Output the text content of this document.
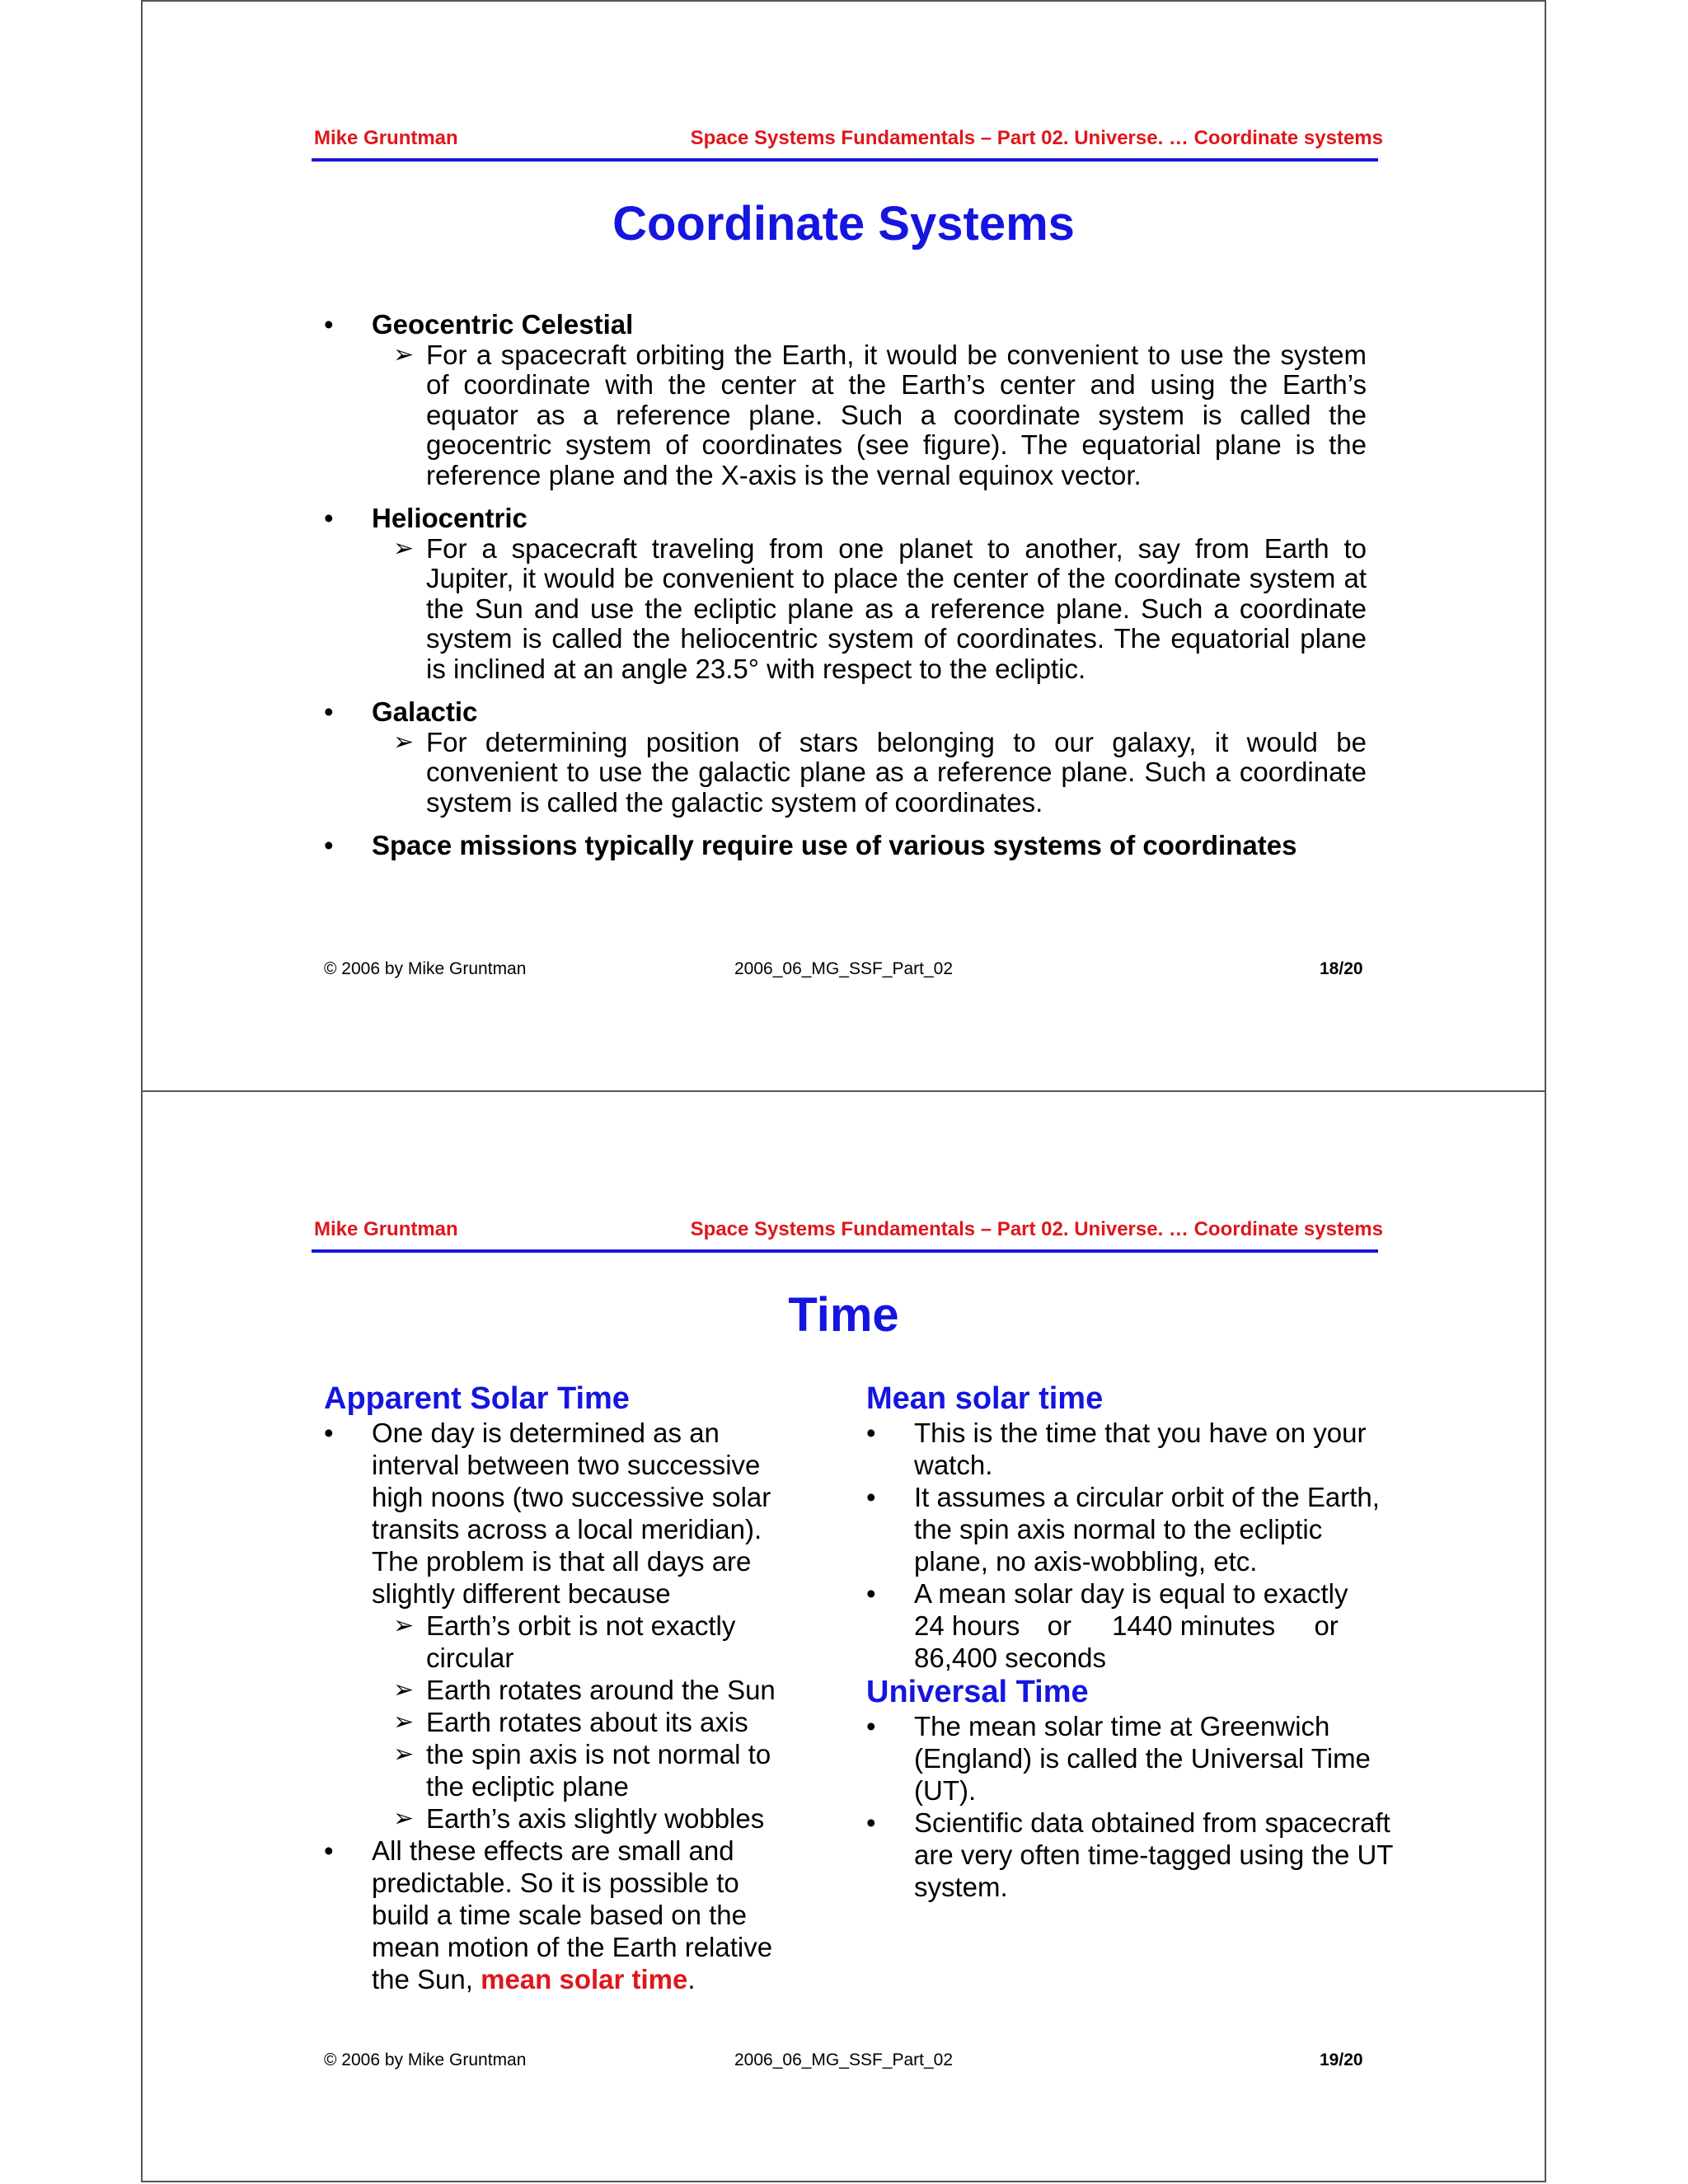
Mike Gruntman	Space Systems Fundamentals – Part 02. Universe. … Coordinate systems
Coordinate Systems
• Geocentric Celestial
➢ For a spacecraft orbiting the Earth, it would be convenient to use the system of coordinate with the center at the Earth’s center and using the Earth’s equator as a reference plane. Such a coordinate system is called the geocentric system of coordinates (see figure). The equatorial plane is the reference plane and the X-axis is the vernal equinox vector.
• Heliocentric
➢ For a spacecraft traveling from one planet to another, say from Earth to Jupiter, it would be convenient to place the center of the coordinate system at the Sun and use the ecliptic plane as a reference plane. Such a coordinate system is called the heliocentric system of coordinates. The equatorial plane is inclined at an angle 23.5° with respect to the ecliptic.
• Galactic
➢ For determining position of stars belonging to our galaxy, it would be convenient to use the galactic plane as a reference plane. Such a coordinate system is called the galactic system of coordinates.
• Space missions typically require use of various systems of coordinates
© 2006 by Mike Gruntman	2006_06_MG_SSF_Part_02	18/20
Mike Gruntman	Space Systems Fundamentals – Part 02. Universe. … Coordinate systems
Time
Apparent Solar Time
• One day is determined as an interval between two successive high noons (two successive solar transits across a local meridian). The problem is that all days are slightly different because
➢ Earth’s orbit is not exactly circular
➢ Earth rotates around the Sun
➢ Earth rotates about its axis
➢ the spin axis is not normal to the ecliptic plane
➢ Earth’s axis slightly wobbles
• All these effects are small and predictable. So it is possible to build a time scale based on the mean motion of the Earth relative the Sun, mean solar time.
Mean solar time
• This is the time that you have on your watch.
• It assumes a circular orbit of the Earth, the spin axis normal to the ecliptic plane, no axis-wobbling, etc.
• A mean solar day is equal to exactly
24 hours or 1440 minutes or
86,400 seconds
Universal Time
• The mean solar time at Greenwich (England) is called the Universal Time (UT).
• Scientific data obtained from spacecraft are very often time-tagged using the UT system.
© 2006 by Mike Gruntman	2006_06_MG_SSF_Part_02	19/20
